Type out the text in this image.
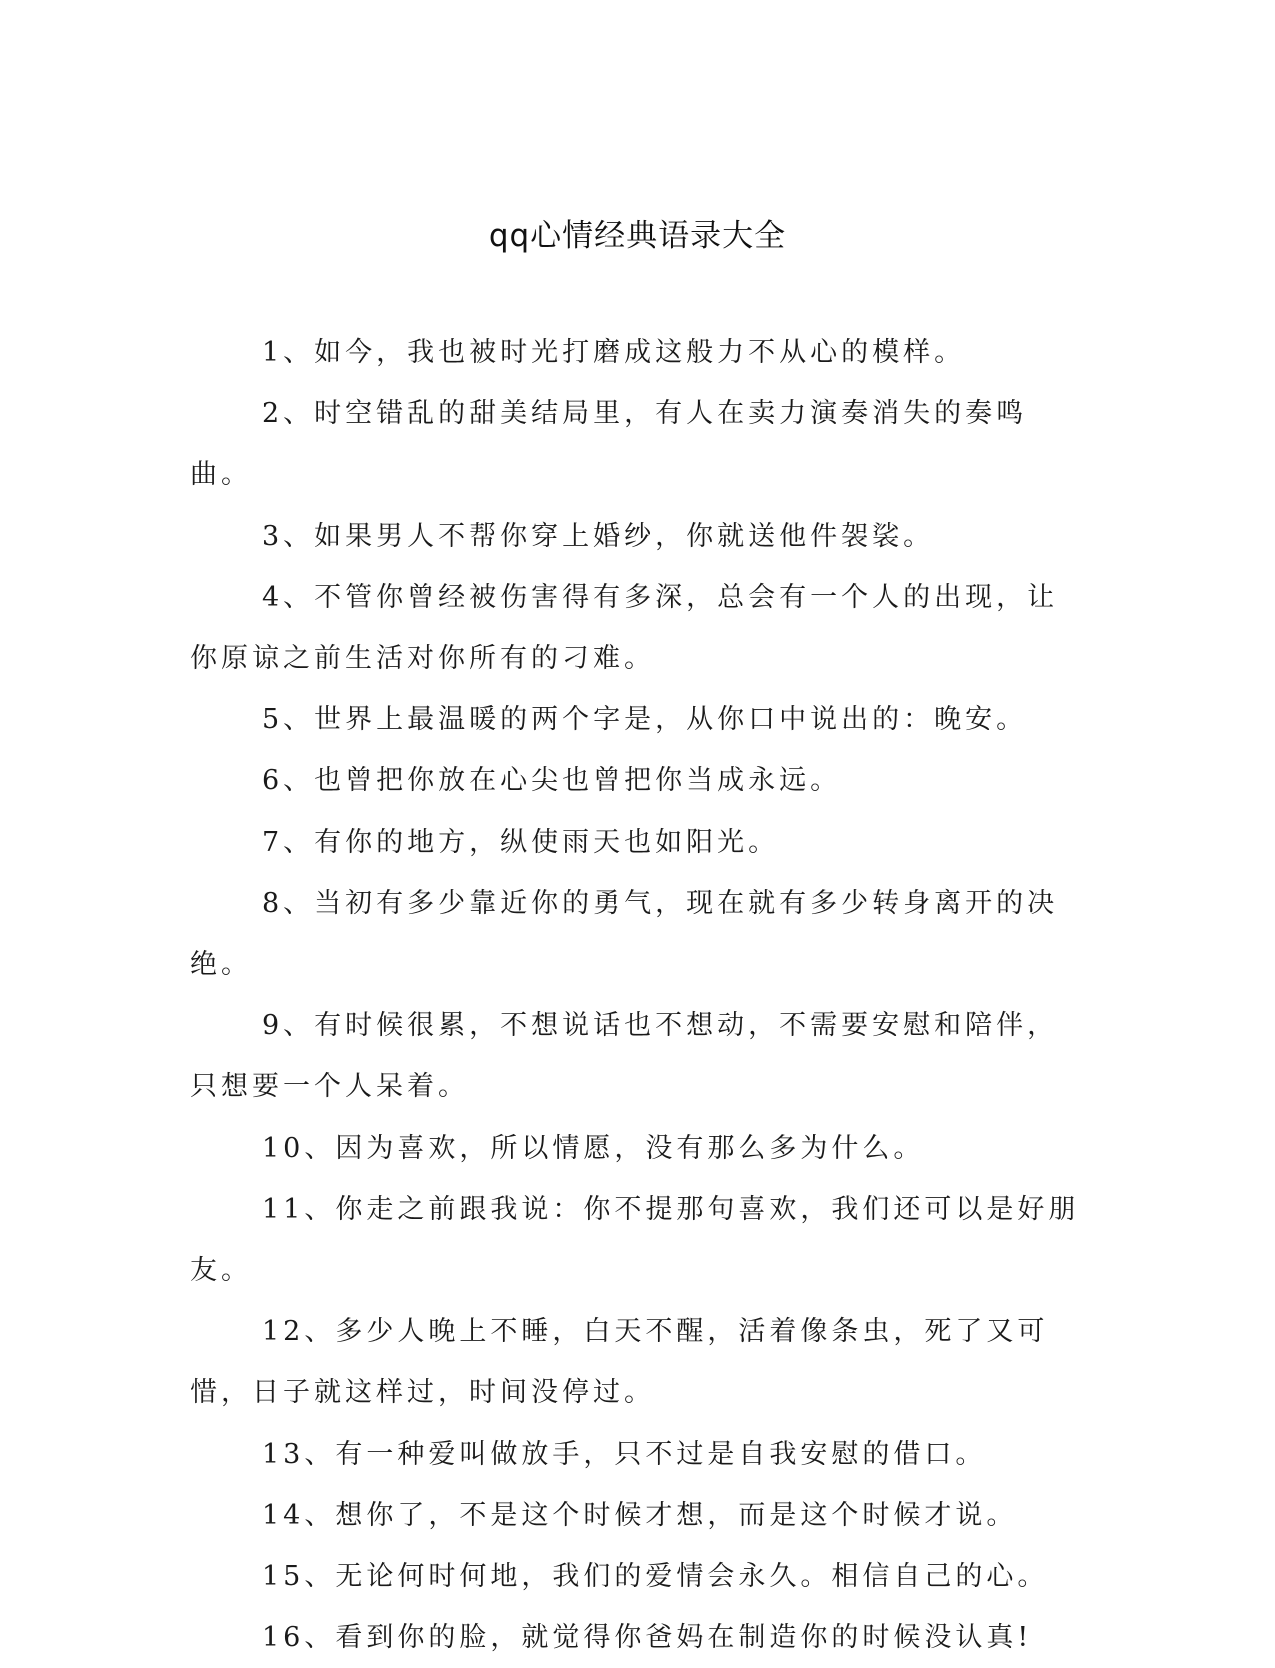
qq心情经典语录大全

1、如今，我也被时光打磨成这般力不从心的模样。

2、时空错乱的甜美结局里，有人在卖力演奏消失的奏鸣曲。

3、如果男人不帮你穿上婚纱，你就送他件袈裟。

4、不管你曾经被伤害得有多深，总会有一个人的出现，让你原谅之前生活对你所有的刁难。

5、世界上最温暖的两个字是，从你口中说出的：晚安。

6、也曾把你放在心尖也曾把你当成永远。

7、有你的地方，纵使雨天也如阳光。

8、当初有多少靠近你的勇气，现在就有多少转身离开的决绝。

9、有时候很累，不想说话也不想动，不需要安慰和陪伴，只想要一个人呆着。

10、因为喜欢，所以情愿，没有那么多为什么。

11、你走之前跟我说：你不提那句喜欢，我们还可以是好朋友。

12、多少人晚上不睡，白天不醒，活着像条虫，死了又可惜，日子就这样过，时间没停过。

13、有一种爱叫做放手，只不过是自我安慰的借口。

14、想你了，不是这个时候才想，而是这个时候才说。

15、无论何时何地，我们的爱情会永久。相信自己的心。

16、看到你的脸，就觉得你爸妈在制造你的时候没认真!
